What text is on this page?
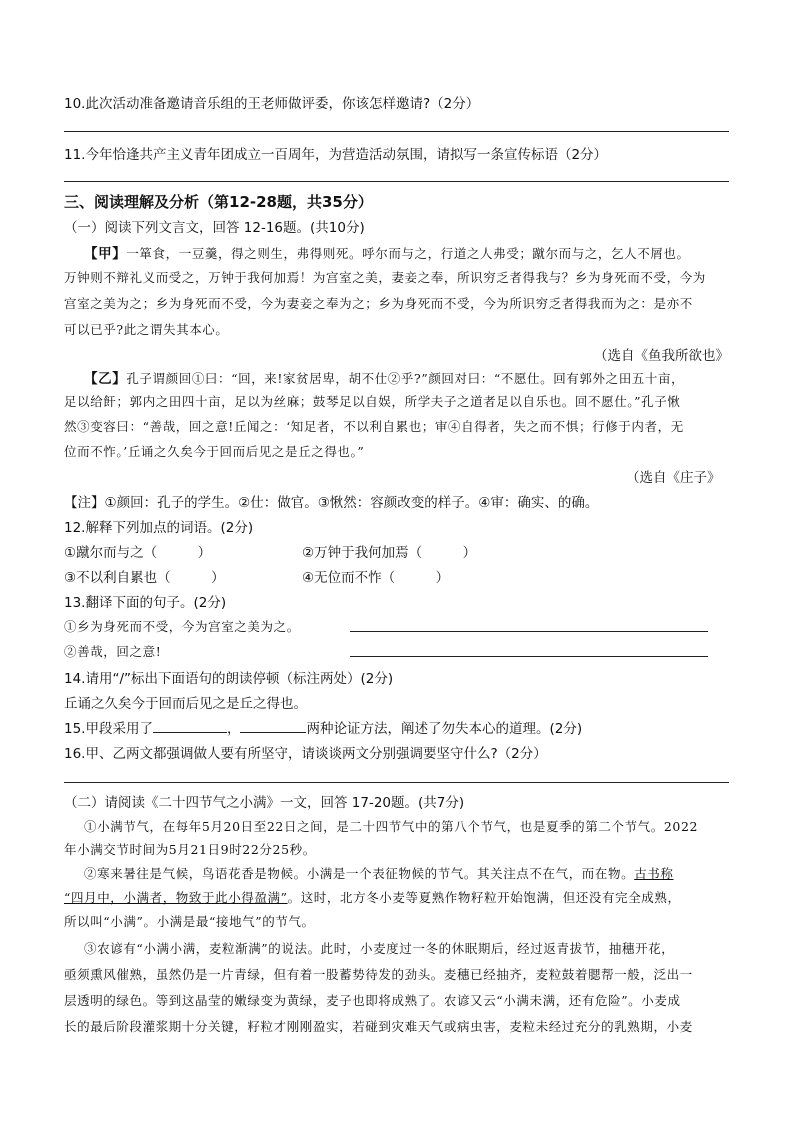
10.此次活动准备邀请音乐组的王老师做评委，你该怎样邀请?（2分）
11.今年恰逢共产主义青年团成立一百周年，为营造活动氛围，请拟写一条宣传标语（2分）
三、阅读理解及分析（第12-28题，共35分）
（一）阅读下列文言文，回答 12-16题。(共10分)
【甲】一箪食，一豆羹，得之则生，弗得则死。呼尔而与之，行道之人弗受；蹴尔而与之，乞人不屑也。
万钟则不辩礼义而受之，万钟于我何加焉！为宫室之美，妻妾之奉，所识穷乏者得我与？乡为身死而不受，今为
宫室之美为之；乡为身死而不受，今为妻妾之奉为之；乡为身死而不受，今为所识穷乏者得我而为之：是亦不
可以已乎?此之谓失其本心。
（选自《鱼我所欲也》
【乙】孔子谓颜回①曰：“回，来!家贫居卑，胡不仕②乎?”颜回对曰：“不愿仕。回有郭外之田五十亩，
足以给飦；郭内之田四十亩，足以为丝麻；鼓琴足以自娱，所学夫子之道者足以自乐也。回不愿仕。”孔子愀
然③变容曰：“善哉，回之意!丘闻之：‘知足者，不以利自累也；审④自得者，失之而不惧；行修于内者，无
位而不怍。’丘诵之久矣今于回而后见之是丘之得也。”
（选自《庄子》
【注】①颜回：孔子的学生。②仕：做官。③愀然：容颜改变的样子。④审：确实、的确。
12.解释下列加点的词语。(2分)
①蹴尔而与之（　　　）	②万钟于我何加焉（　　　）
③不以利自累也（　　　）	④无位而不怍（　　　）
13.翻译下面的句子。(2分)
①乡为身死而不受，今为宫室之美为之。
②善哉，回之意!
14.请用“/”标出下面语句的朗读停顿（标注两处）(2分)
丘诵之久矣今于回而后见之是丘之得也。
15.甲段采用了	，	两种论证方法，阐述了勿失本心的道理。(2分)
16.甲、乙两文都强调做人要有所坚守，请谈谈两文分别强调要坚守什么?（2分）
（二）请阅读《二十四节气之小满》一文，回答 17-20题。(共7分)
①小满节气，在每年5月20日至22日之间，是二十四节气中的第八个节气，也是夏季的第二个节气。2022
年小满交节时间为5月21日9时22分25秒。
②寒来暑往是气候，鸟语花香是物候。小满是一个表征物候的节气。其关注点不在气，而在物。古书称
“四月中，小满者，物致于此小得盈满”。这时，北方冬小麦等夏熟作物籽粒开始饱满，但还没有完全成熟，
所以叫“小满”。小满是最“接地气”的节气。
③农谚有“小满小满，麦粒渐满”的说法。此时，小麦度过一冬的休眠期后，经过返青拔节，抽穗开花，
亟须熏风催熟，虽然仍是一片青绿，但有着一股蓄势待发的劲头。麦穗已经抽齐，麦粒鼓着腮帮一般，泛出一
层透明的绿色。等到这晶莹的嫩绿变为黄绿，麦子也即将成熟了。农谚又云“小满未满，还有危险”。小麦成
长的最后阶段灌浆期十分关键，籽粒才刚刚盈实，若碰到灾难天气或病虫害，麦粒未经过充分的乳熟期，小麦
